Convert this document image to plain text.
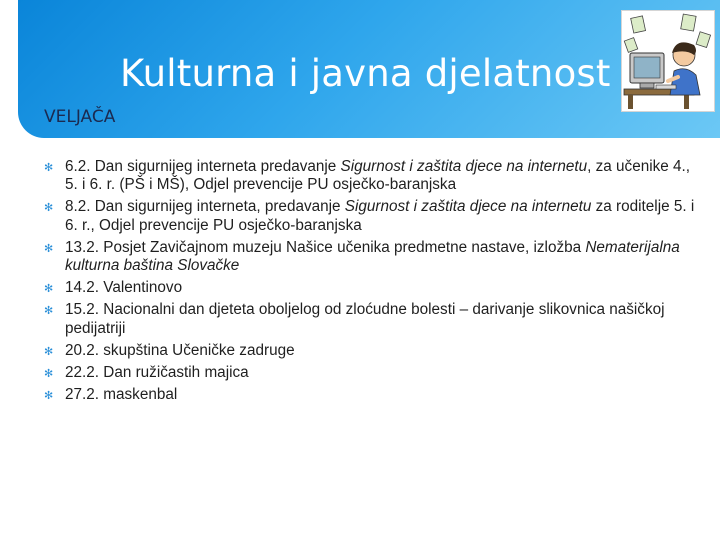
Kulturna i javna djelatnost

VELJAČA

✻ 6.2. Dan sigurnijeg interneta predavanje Sigurnost i zaštita djece na internetu, za učenike 4., 5. i 6. r. (PŠ i MŠ), Odjel prevencije PU osječko-baranjska
✻ 8.2. Dan sigurnijeg interneta, predavanje Sigurnost i zaštita djece na internetu za roditelje 5. i 6. r., Odjel prevencije PU osječko-baranjska
✻ 13.2. Posjet Zavičajnom muzeju Našice učenika predmetne nastave, izložba Nematerijalna kulturna baština Slovačke
✻ 14.2. Valentinovo
✻ 15.2. Nacionalni dan djeteta oboljelog od zloćudne bolesti – darivanje slikovnica našičkoj pedijatriji
✻ 20.2. skupština Učeničke zadruge
✻ 22.2. Dan ružičastih majica
✻ 27.2. maskenbal
